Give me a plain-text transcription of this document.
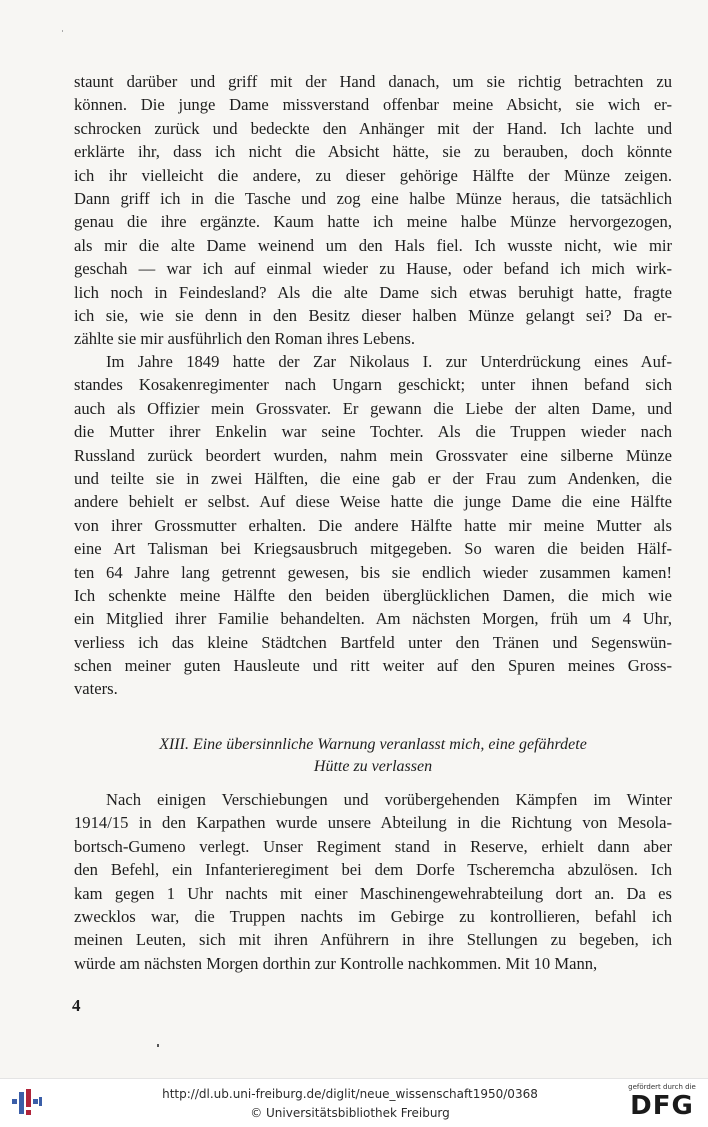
staunt darüber und griff mit der Hand danach, um sie richtig betrachten zu
können. Die junge Dame missverstand offenbar meine Absicht, sie wich er-
schrocken zurück und bedeckte den Anhänger mit der Hand. Ich lachte und
erklärte ihr, dass ich nicht die Absicht hätte, sie zu berauben, doch könnte
ich ihr vielleicht die andere, zu dieser gehörige Hälfte der Münze zeigen.
Dann griff ich in die Tasche und zog eine halbe Münze heraus, die tatsächlich
genau die ihre ergänzte. Kaum hatte ich meine halbe Münze hervorgezogen,
als mir die alte Dame weinend um den Hals fiel. Ich wusste nicht, wie mir
geschah — war ich auf einmal wieder zu Hause, oder befand ich mich wirk-
lich noch in Feindesland? Als die alte Dame sich etwas beruhigt hatte, fragte
ich sie, wie sie denn in den Besitz dieser halben Münze gelangt sei? Da er-
zählte sie mir ausführlich den Roman ihres Lebens.
Im Jahre 1849 hatte der Zar Nikolaus I. zur Unterdrückung eines Auf-
standes Kosakenregimenter nach Ungarn geschickt; unter ihnen befand sich
auch als Offizier mein Grossvater. Er gewann die Liebe der alten Dame, und
die Mutter ihrer Enkelin war seine Tochter. Als die Truppen wieder nach
Russland zurück beordert wurden, nahm mein Grossvater eine silberne Münze
und teilte sie in zwei Hälften, die eine gab er der Frau zum Andenken, die
andere behielt er selbst. Auf diese Weise hatte die junge Dame die eine Hälfte
von ihrer Grossmutter erhalten. Die andere Hälfte hatte mir meine Mutter als
eine Art Talisman bei Kriegsausbruch mitgegeben. So waren die beiden Hälf-
ten 64 Jahre lang getrennt gewesen, bis sie endlich wieder zusammen kamen!
Ich schenkte meine Hälfte den beiden überglücklichen Damen, die mich wie
ein Mitglied ihrer Familie behandelten. Am nächsten Morgen, früh um 4 Uhr,
verliess ich das kleine Städtchen Bartfeld unter den Tränen und Segenswün-
schen meiner guten Hausleute und ritt weiter auf den Spuren meines Gross-
vaters.
XIII. Eine übersinnliche Warnung veranlasst mich, eine gefährdete
Hütte zu verlassen
Nach einigen Verschiebungen und vorübergehenden Kämpfen im Winter
1914/15 in den Karpathen wurde unsere Abteilung in die Richtung von Mesola-
bortsch-Gumeno verlegt. Unser Regiment stand in Reserve, erhielt dann aber
den Befehl, ein Infanterieregiment bei dem Dorfe Tscheremcha abzulösen. Ich
kam gegen 1 Uhr nachts mit einer Maschinengewehrabteilung dort an. Da es
zwecklos war, die Truppen nachts im Gebirge zu kontrollieren, befahl ich
meinen Leuten, sich mit ihren Anführern in ihre Stellungen zu begeben, ich
würde am nächsten Morgen dorthin zur Kontrolle nachkommen. Mit 10 Mann,
4
http://dl.ub.uni-freiburg.de/diglit/neue_wissenschaft1950/0368
© Universitätsbibliothek Freiburg
gefördert durch die
DFG
